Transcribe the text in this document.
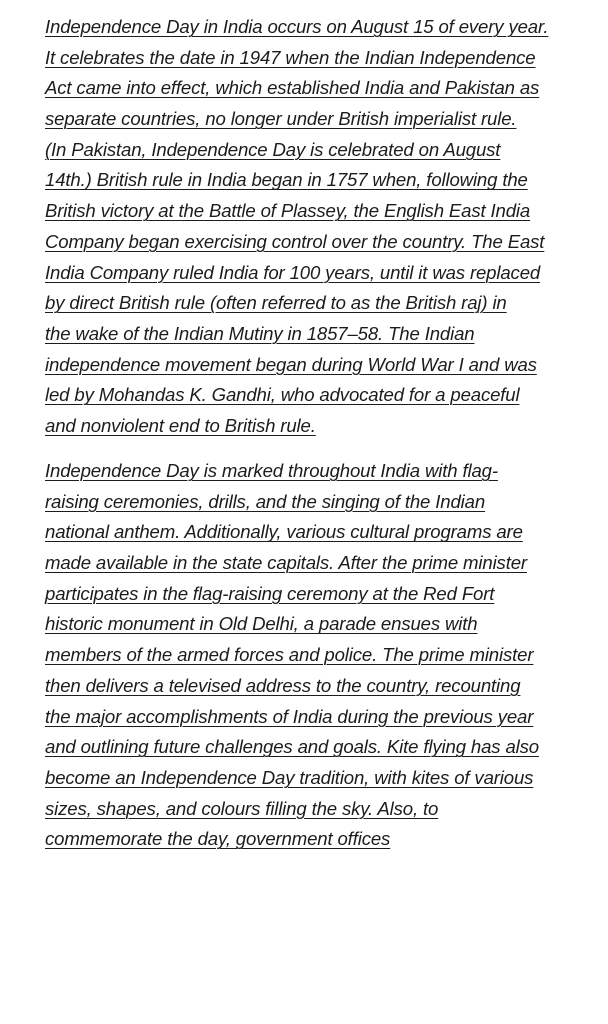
Independence Day in India occurs on August 15 of every year.
It celebrates the date in 1947 when the Indian Independence
Act came into effect, which established India and Pakistan as
separate countries, no longer under British imperialist rule.
(In Pakistan, Independence Day is celebrated on August
14th.) British rule in India began in 1757 when, following the
British victory at the Battle of Plassey, the English East India
Company began exercising control over the country. The East
India Company ruled India for 100 years, until it was replaced
by direct British rule (often referred to as the British raj) in
the wake of the Indian Mutiny in 1857–58. The Indian
independence movement began during World War I and was
led by Mohandas K. Gandhi, who advocated for a peaceful
and nonviolent end to British rule.
Independence Day is marked throughout India with flag-
raising ceremonies, drills, and the singing of the Indian
national anthem. Additionally, various cultural programs are
made available in the state capitals. After the prime minister
participates in the flag-raising ceremony at the Red Fort
historic monument in Old Delhi, a parade ensues with
members of the armed forces and police. The prime minister
then delivers a televised address to the country, recounting
the major accomplishments of India during the previous year
and outlining future challenges and goals. Kite flying has also
become an Independence Day tradition, with kites of various
sizes, shapes, and colours filling the sky. Also, to
commemorate the day, government offices
